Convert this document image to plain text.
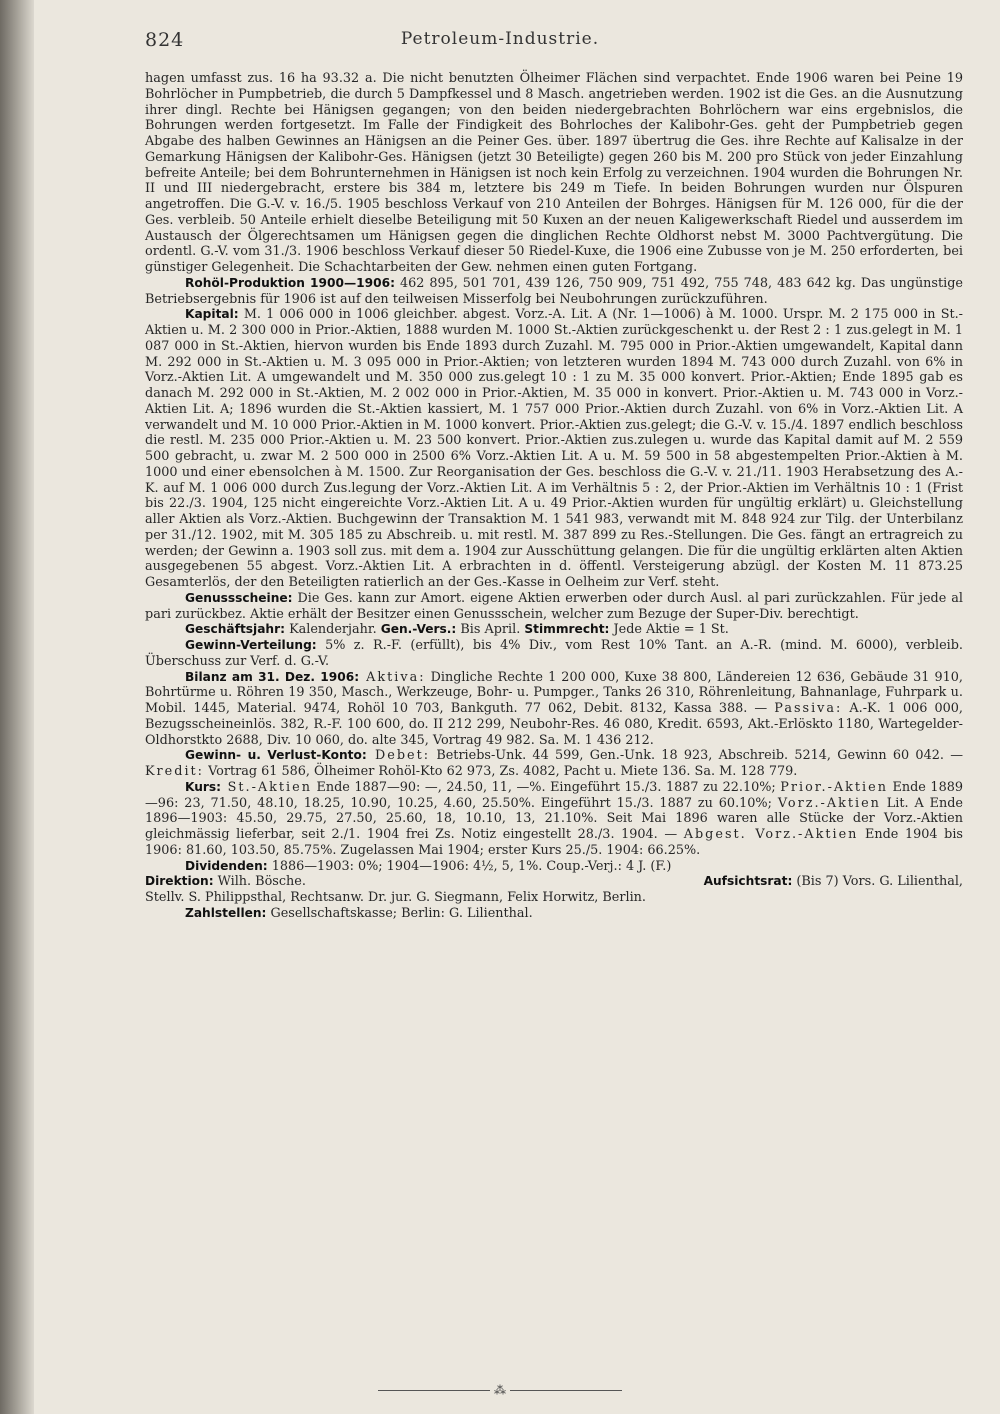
824	Petroleum-Industrie.

hagen umfasst zus. 16 ha 93.32 a. Die nicht benutzten Ölheimer Flächen sind verpachtet. Ende 1906 waren bei Peine 19 Bohrlöcher in Pumpbetrieb, die durch 5 Dampfkessel und 8 Masch. angetrieben werden. 1902 ist die Ges. an die Ausnutzung ihrer dingl. Rechte bei Hänigsen gegangen; von den beiden niedergebrachten Bohrlöchern war eins ergebnislos, die Bohrungen werden fortgesetzt. Im Falle der Findigkeit des Bohrloches der Kalibohr-Ges. geht der Pumpbetrieb gegen Abgabe des halben Gewinnes an Hänigsen an die Peiner Ges. über. 1897 übertrug die Ges. ihre Rechte auf Kalisalze in der Gemarkung Hänigsen der Kalibohr-Ges. Hänigsen (jetzt 30 Beteiligte) gegen 260 bis M. 200 pro Stück von jeder Einzahlung befreite Anteile; bei dem Bohrunternehmen in Hänigsen ist noch kein Erfolg zu verzeichnen. 1904 wurden die Bohrungen Nr. II und III niedergebracht, erstere bis 384 m, letztere bis 249 m Tiefe. In beiden Bohrungen wurden nur Ölspuren angetroffen. Die G.-V. v. 16./5. 1905 beschloss Verkauf von 210 Anteilen der Bohrges. Hänigsen für M. 126 000, für die der Ges. verbleib. 50 Anteile erhielt dieselbe Beteiligung mit 50 Kuxen an der neuen Kaligewerkschaft Riedel und ausserdem im Austausch der Ölgerechtsamen um Hänigsen gegen die dinglichen Rechte Oldhorst nebst M. 3000 Pachtvergütung. Die ordentl. G.-V. vom 31./3. 1906 beschloss Verkauf dieser 50 Riedel-Kuxe, die 1906 eine Zubusse von je M. 250 erforderten, bei günstiger Gelegenheit. Die Schachtarbeiten der Gew. nehmen einen guten Fortgang.

Rohöl-Produktion 1900—1906: 462 895, 501 701, 439 126, 750 909, 751 492, 755 748, 483 642 kg. Das ungünstige Betriebsergebnis für 1906 ist auf den teilweisen Misserfolg bei Neubohrungen zurückzuführen.

Kapital: M. 1 006 000 in 1006 gleichber. abgest. Vorz.-A. Lit. A (Nr. 1—1006) à M. 1000. Urspr. M. 2 175 000 in St.-Aktien u. M. 2 300 000 in Prior.-Aktien, 1888 wurden M. 1000 St.-Aktien zurückgeschenkt u. der Rest 2 : 1 zus.gelegt in M. 1 087 000 in St.-Aktien, hiervon wurden bis Ende 1893 durch Zuzahl. M. 795 000 in Prior.-Aktien umgewandelt, Kapital dann M. 292 000 in St.-Aktien u. M. 3 095 000 in Prior.-Aktien; von letzteren wurden 1894 M. 743 000 durch Zuzahl. von 6% in Vorz.-Aktien Lit. A umgewandelt und M. 350 000 zus.gelegt 10 : 1 zu M. 35 000 konvert. Prior.-Aktien; Ende 1895 gab es danach M. 292 000 in St.-Aktien, M. 2 002 000 in Prior.-Aktien, M. 35 000 in konvert. Prior.-Aktien u. M. 743 000 in Vorz.-Aktien Lit. A; 1896 wurden die St.-Aktien kassiert, M. 1 757 000 Prior.-Aktien durch Zuzahl. von 6% in Vorz.-Aktien Lit. A verwandelt und M. 10 000 Prior.-Aktien in M. 1000 konvert. Prior.-Aktien zus.gelegt; die G.-V. v. 15./4. 1897 endlich beschloss die restl. M. 235 000 Prior.-Aktien u. M. 23 500 konvert. Prior.-Aktien zus.zulegen u. wurde das Kapital damit auf M. 2 559 500 gebracht, u. zwar M. 2 500 000 in 2500 6% Vorz.-Aktien Lit. A u. M. 59 500 in 58 abgestempelten Prior.-Aktien à M. 1000 und einer ebensolchen à M. 1500. Zur Reorganisation der Ges. beschloss die G.-V. v. 21./11. 1903 Herabsetzung des A.-K. auf M. 1 006 000 durch Zus.legung der Vorz.-Aktien Lit. A im Verhältnis 5 : 2, der Prior.-Aktien im Verhältnis 10 : 1 (Frist bis 22./3. 1904, 125 nicht eingereichte Vorz.-Aktien Lit. A u. 49 Prior.-Aktien wurden für ungültig erklärt) u. Gleichstellung aller Aktien als Vorz.-Aktien. Buchgewinn der Transaktion M. 1 541 983, verwandt mit M. 848 924 zur Tilg. der Unterbilanz per 31./12. 1902, mit M. 305 185 zu Abschreib. u. mit restl. M. 387 899 zu Res.-Stellungen. Die Ges. fängt an ertragreich zu werden; der Gewinn a. 1903 soll zus. mit dem a. 1904 zur Ausschüttung gelangen. Die für die ungültig erklärten alten Aktien ausgegebenen 55 abgest. Vorz.-Aktien Lit. A erbrachten in d. öffentl. Versteigerung abzügl. der Kosten M. 11 873.25 Gesamterlös, der den Beteiligten ratierlich an der Ges.-Kasse in Oelheim zur Verf. steht.

Genussscheine: Die Ges. kann zur Amort. eigene Aktien erwerben oder durch Ausl. al pari zurückzahlen. Für jede al pari zurückbez. Aktie erhält der Besitzer einen Genussschein, welcher zum Bezuge der Super-Div. berechtigt.

Geschäftsjahr: Kalenderjahr. Gen.-Vers.: Bis April. Stimmrecht: Jede Aktie = 1 St.

Gewinn-Verteilung: 5% z. R.-F. (erfüllt), bis 4% Div., vom Rest 10% Tant. an A.-R. (mind. M. 6000), verbleib. Überschuss zur Verf. d. G.-V.

Bilanz am 31. Dez. 1906: Aktiva: Dingliche Rechte 1 200 000, Kuxe 38 800, Ländereien 12 636, Gebäude 31 910, Bohrtürme u. Röhren 19 350, Masch., Werkzeuge, Bohr- u. Pumpger., Tanks 26 310, Röhrenleitung, Bahnanlage, Fuhrpark u. Mobil. 1445, Material. 9474, Rohöl 10 703, Bankguth. 77 062, Debit. 8132, Kassa 388. — Passiva: A.-K. 1 006 000, Bezugsscheineinlös. 382, R.-F. 100 600, do. II 212 299, Neubohr-Res. 46 080, Kredit. 6593, Akt.-Erlöskto 1180, Wartegelder-Oldhorstkto 2688, Div. 10 060, do. alte 345, Vortrag 49 982. Sa. M. 1 436 212.

Gewinn- u. Verlust-Konto: Debet: Betriebs-Unk. 44 599, Gen.-Unk. 18 923, Abschreib. 5214, Gewinn 60 042. — Kredit: Vortrag 61 586, Ölheimer Rohöl-Kto 62 973, Zs. 4082, Pacht u. Miete 136. Sa. M. 128 779.

Kurs: St.-Aktien Ende 1887—90: —, 24.50, 11, —%. Eingeführt 15./3. 1887 zu 22.10%; Prior.-Aktien Ende 1889—96: 23, 71.50, 48.10, 18.25, 10.90, 10.25, 4.60, 25.50%. Eingeführt 15./3. 1887 zu 60.10%; Vorz.-Aktien Lit. A Ende 1896—1903: 45.50, 29.75, 27.50, 25.60, 18, 10.10, 13, 21.10%. Seit Mai 1896 waren alle Stücke der Vorz.-Aktien gleichmässig lieferbar, seit 2./1. 1904 frei Zs. Notiz eingestellt 28./3. 1904. — Abgest. Vorz.-Aktien Ende 1904 bis 1906: 81.60, 103.50, 85.75%. Zugelassen Mai 1904; erster Kurs 25./5. 1904: 66.25%.

Dividenden: 1886—1903: 0%; 1904—1906: 4½, 5, 1%. Coup.-Verj.: 4 J. (F.)

Direktion: Wilh. Bösche.	Aufsichtsrat: (Bis 7) Vors. G. Lilienthal,

Stellv. S. Philippsthal, Rechtsanw. Dr. jur. G. Siegmann, Felix Horwitz, Berlin.

Zahlstellen: Gesellschaftskasse; Berlin: G. Lilienthal.

⁂
